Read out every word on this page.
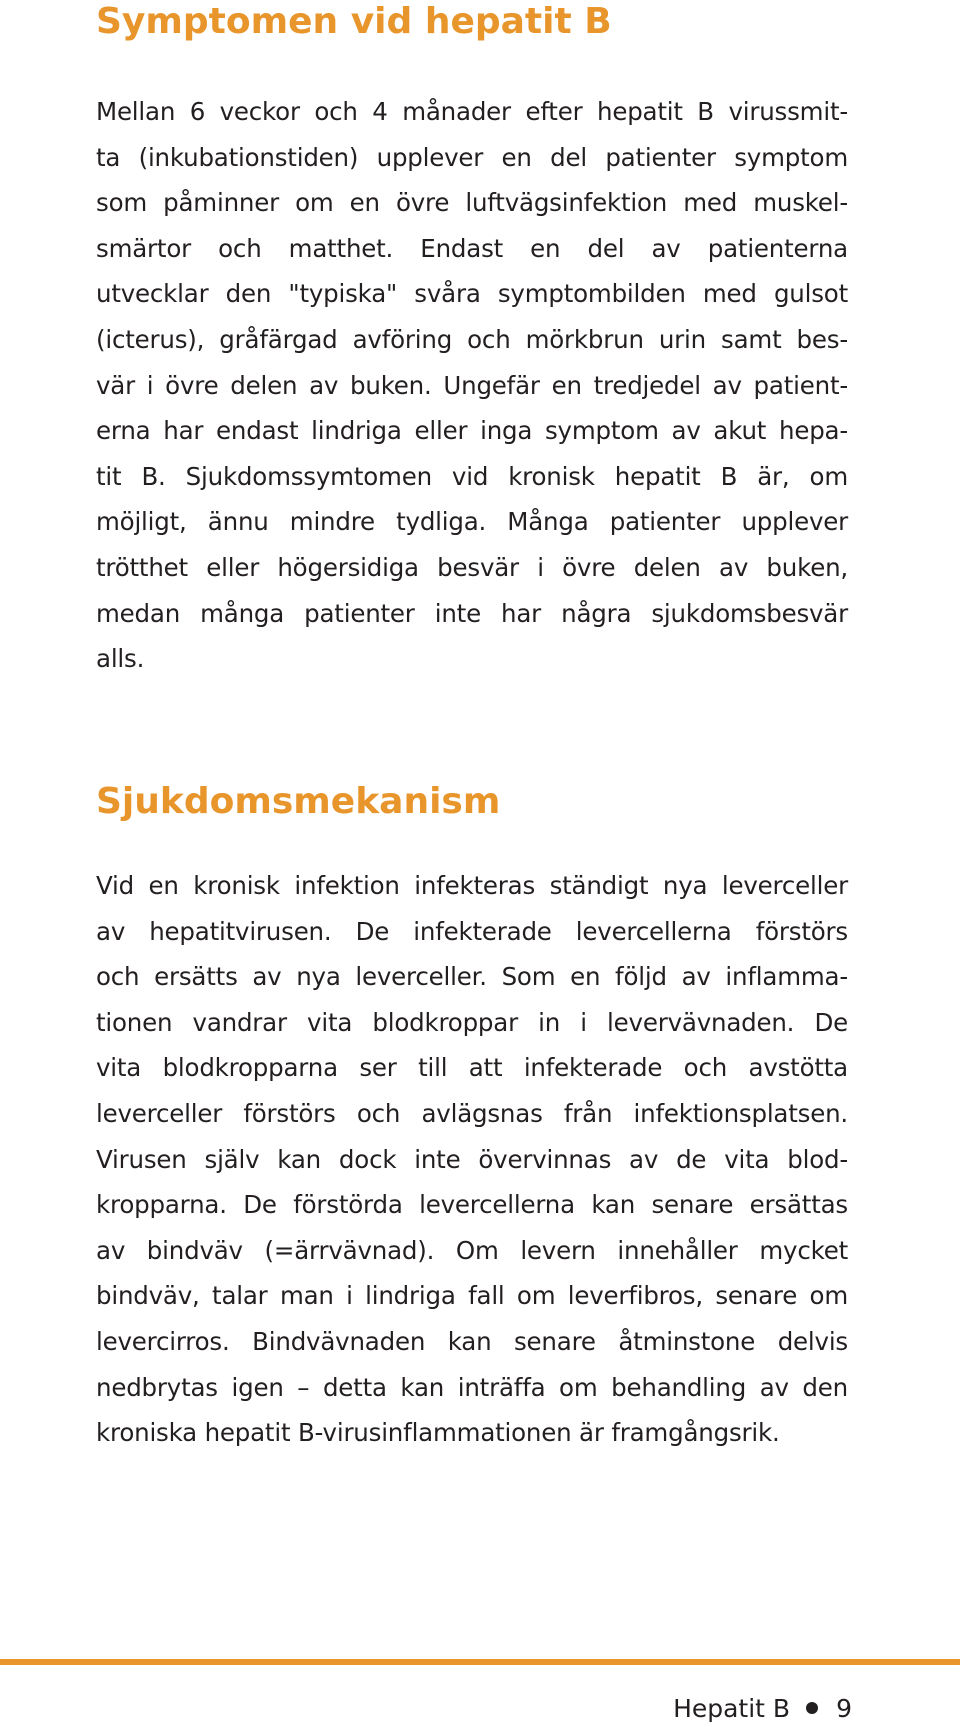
Symptomen vid hepatit B
Mellan 6 veckor och 4 månader efter hepatit B virussmit-
ta (inkubationstiden) upplever en del patienter symptom
som påminner om en övre luftvägsinfektion med muskel-
smärtor och matthet. Endast en del av patienterna
utvecklar den "typiska" svåra symptombilden med gulsot
(icterus), gråfärgad avföring och mörkbrun urin samt bes-
vär i övre delen av buken. Ungefär en tredjedel av patient-
erna har endast lindriga eller inga symptom av akut hepa-
tit B. Sjukdomssymtomen vid kronisk hepatit B är, om
möjligt, ännu mindre tydliga. Många patienter upplever
trötthet eller högersidiga besvär i övre delen av buken,
medan många patienter inte har några sjukdomsbesvär
alls.
Sjukdomsmekanism
Vid en kronisk infektion infekteras ständigt nya leverceller
av hepatitvirusen. De infekterade levercellerna förstörs
och ersätts av nya leverceller. Som en följd av inflamma-
tionen vandrar vita blodkroppar in i levervävnaden. De
vita blodkropparna ser till att infekterade och avstötta
leverceller förstörs och avlägsnas från infektionsplatsen.
Virusen själv kan dock inte övervinnas av de vita blod-
kropparna. De förstörda levercellerna kan senare ersättas
av bindväv (=ärrvävnad). Om levern innehåller mycket
bindväv, talar man i lindriga fall om leverfibros, senare om
levercirros. Bindvävnaden kan senare åtminstone delvis
nedbrytas igen – detta kan inträffa om behandling av den
kroniska hepatit B-virusinflammationen är framgångsrik.
Hepatit B 9
